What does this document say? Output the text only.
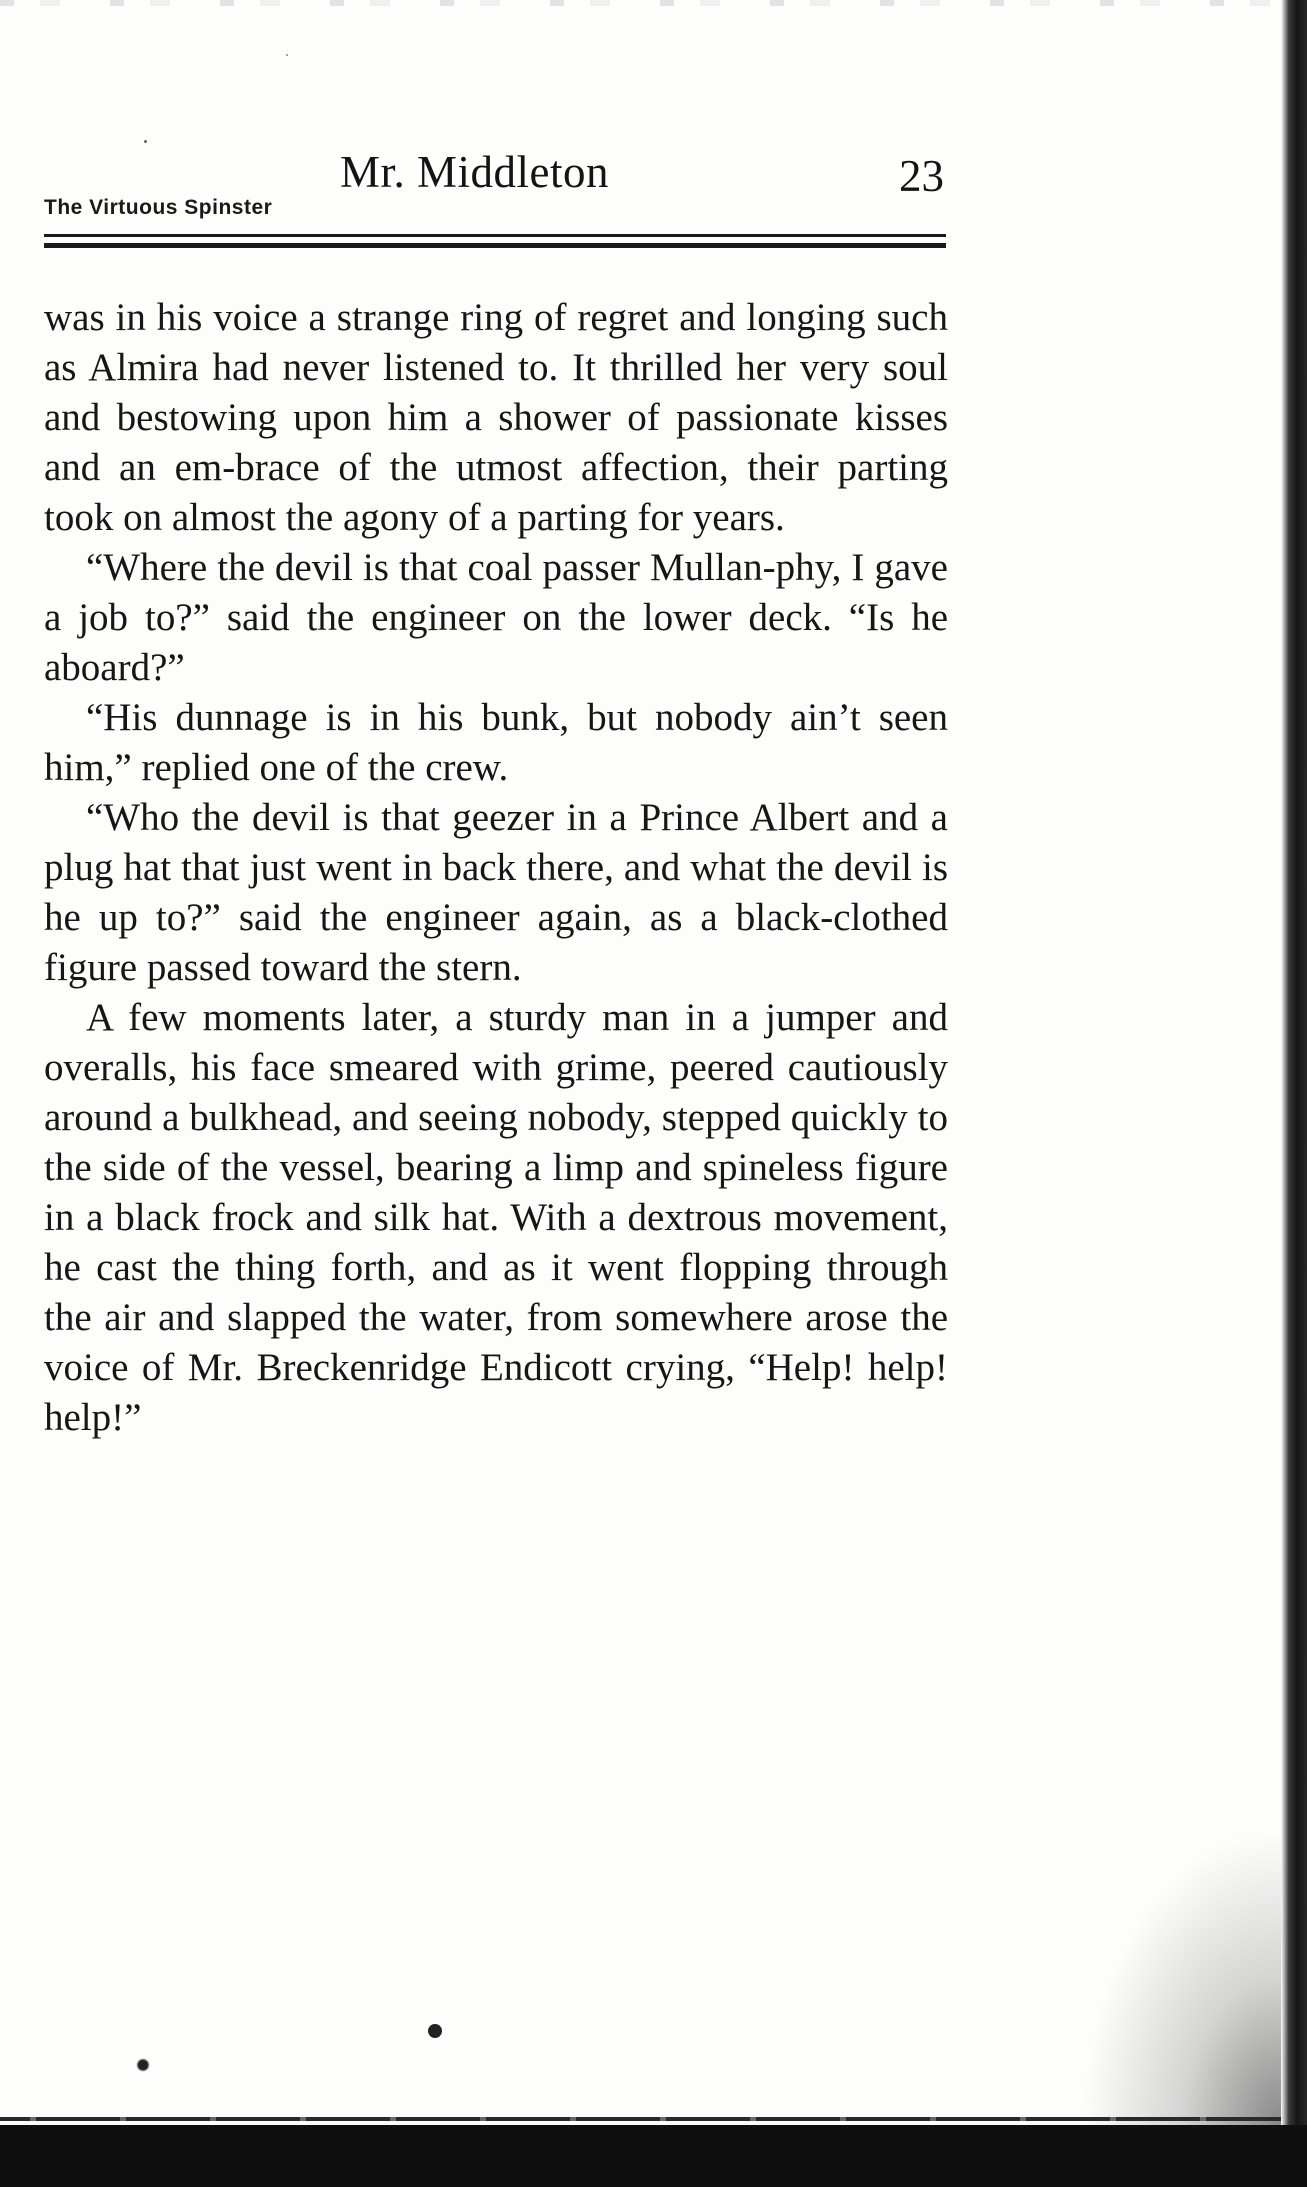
Mr. Middleton	23
The Virtuous Spinster

was in his voice a strange ring of regret and longing such as Almira had never listened to. It thrilled her very soul and bestowing upon him a shower of passionate kisses and an em-brace of the utmost affection, their parting took on almost the agony of a parting for years.

“Where the devil is that coal passer Mullan-phy, I gave a job to?” said the engineer on the lower deck. “Is he aboard?”

“His dunnage is in his bunk, but nobody ain’t seen him,” replied one of the crew.

“Who the devil is that geezer in a Prince Albert and a plug hat that just went in back there, and what the devil is he up to?” said the engineer again, as a black-clothed figure passed toward the stern.

A few moments later, a sturdy man in a jumper and overalls, his face smeared with grime, peered cautiously around a bulkhead, and seeing nobody, stepped quickly to the side of the vessel, bearing a limp and spineless figure in a black frock and silk hat. With a dextrous movement, he cast the thing forth, and as it went flopping through the air and slapped the water, from somewhere arose the voice of Mr. Breckenridge Endicott crying, “Help! help! help!”
